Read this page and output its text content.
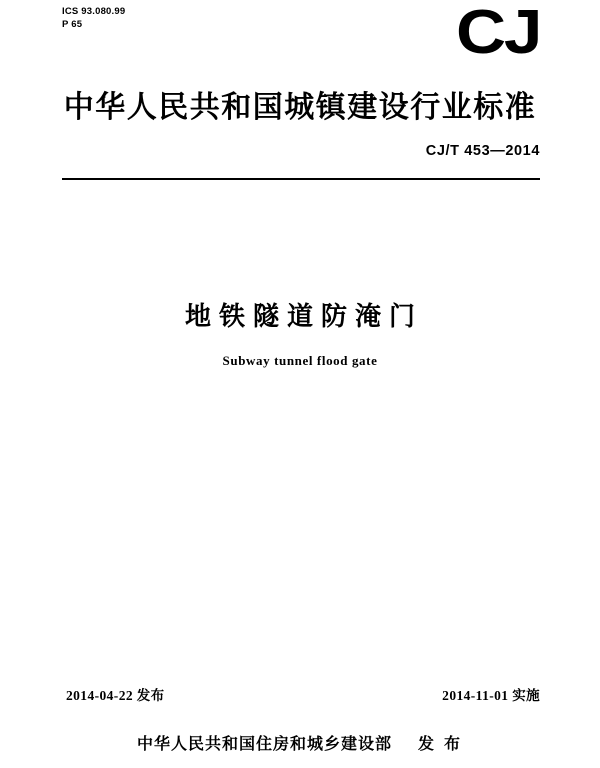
ICS 93.080.99
P 65	CJ
中华人民共和国城镇建设行业标准
CJ/T 453—2014
地铁隧道防淹门
Subway tunnel flood gate
2014-04-22 发布	2014-11-01 实施
中华人民共和国住房和城乡建设部 发 布
